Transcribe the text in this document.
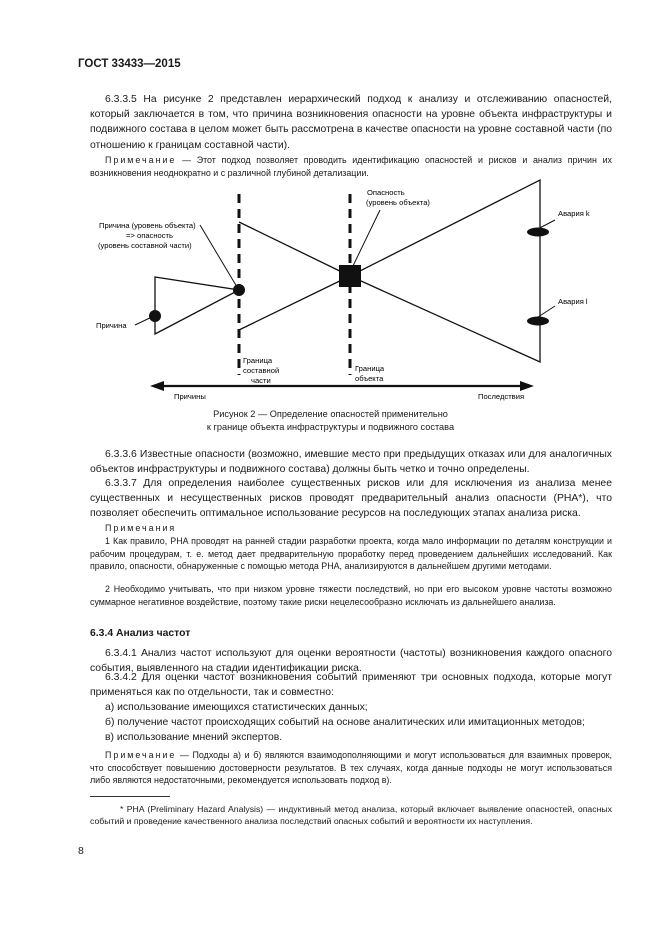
ГОСТ 33433—2015

6.3.3.5 На рисунке 2 представлен иерархический подход к анализу и отслеживанию опасностей, который заключается в том, что причина возникновения опасности на уровне объекта инфраструктуры и подвижного состава в целом может быть рассмотрена в качестве опасности на уровне составной части (по отношению к границам составной части).

Примечание — Этот подход позволяет проводить идентификацию опасностей и рисков и анализ причин их возникновения неоднократно и с различной глубиной детализации.

Причина (уровень объекта)
=> опасность
(уровень составной части)
Опасность
(уровень объекта)
Авария k
Авария l
Причина
Граница
составной
части
Граница
объекта
Причины	Последствия
Рисунок 2 — Определение опасностей применительно
к границе объекта инфраструктуры и подвижного состава

6.3.3.6 Известные опасности (возможно, имевшие место при предыдущих отказах или для аналогичных объектов инфраструктуры и подвижного состава) должны быть четко и точно определены.

6.3.3.7 Для определения наиболее существенных рисков или для исключения из анализа менее существенных и несущественных рисков проводят предварительный анализ опасности (PHA*), что позволяет обеспечить оптимальное использование ресурсов на последующих этапах анализа риска.

Примечания

1 Как правило, PHA проводят на ранней стадии разработки проекта, когда мало информации по деталям конструкции и рабочим процедурам, т. е. метод дает предварительную проработку перед проведением дальнейших исследований. Как правило, опасности, обнаруженные с помощью метода PHA, анализируются в дальнейшем другими методами.

2 Необходимо учитывать, что при низком уровне тяжести последствий, но при его высоком уровне частоты возможно суммарное негативное воздействие, поэтому такие риски нецелесообразно исключать из дальнейшего анализа.

6.3.4 Анализ частот

6.3.4.1 Анализ частот используют для оценки вероятности (частоты) возникновения каждого опасного события, выявленного на стадии идентификации риска.

6.3.4.2 Для оценки частот возникновения событий применяют три основных подхода, которые могут применяться как по отдельности, так и совместно:

а) использование имеющихся статистических данных;

б) получение частот происходящих событий на основе аналитических или имитационных методов;

в) использование мнений экспертов.

Примечание — Подходы а) и б) являются взаимодополняющими и могут использоваться для взаимных проверок, что способствует повышению достоверности результатов. В тех случаях, когда данные подходы не могут использоваться либо являются недостаточными, рекомендуется использовать подход в).

* PHA (Preliminary Hazard Analysis) — индуктивный метод анализа, который включает выявление опасностей, опасных событий и проведение качественного анализа последствий опасных событий и вероятности их наступления.

8
